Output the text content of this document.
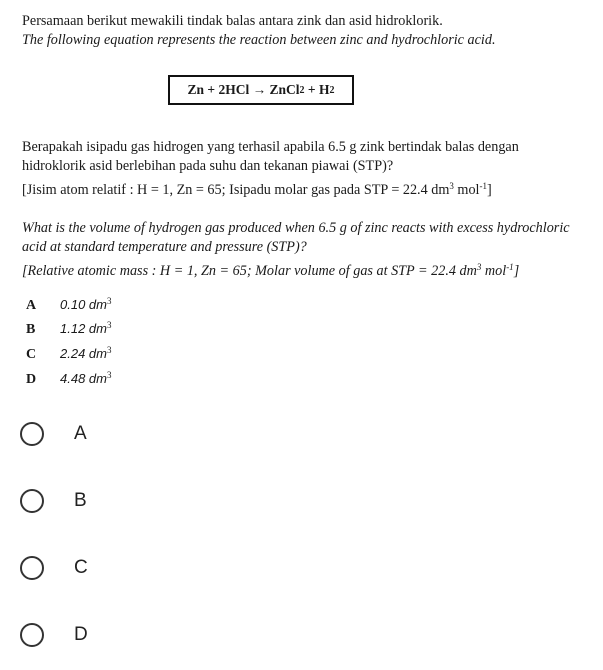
Persamaan berikut mewakili tindak balas antara zink dan asid hidroklorik.
The following equation represents the reaction between zinc and hydrochloric acid.
Zn + 2HCl → ZnCl 2 + H 2
Berapakah isipadu gas hidrogen yang terhasil apabila 6.5 g zink bertindak balas dengan hidroklorik asid berlebihan pada suhu dan tekanan piawai (STP)?
[Jisim atom relatif : H = 1, Zn = 65; Isipadu molar gas pada STP = 22.4 $dm^3$ mol$^{-1}$]
What is the volume of hydrogen gas produced when 6.5 g of zinc reacts with excess hydrochloric acid at standard temperature and pressure (STP)?
[Relative atomic mass : H = 1, Zn = 65; Molar volume of gas at STP = 22.4 $dm^3$ mol$^{-1}$]
A 0.10 $dm^3$
B 1.12 $dm^3$
C 2.24 $dm^3$
D 4.48 $dm^3$
A
B
C
D
